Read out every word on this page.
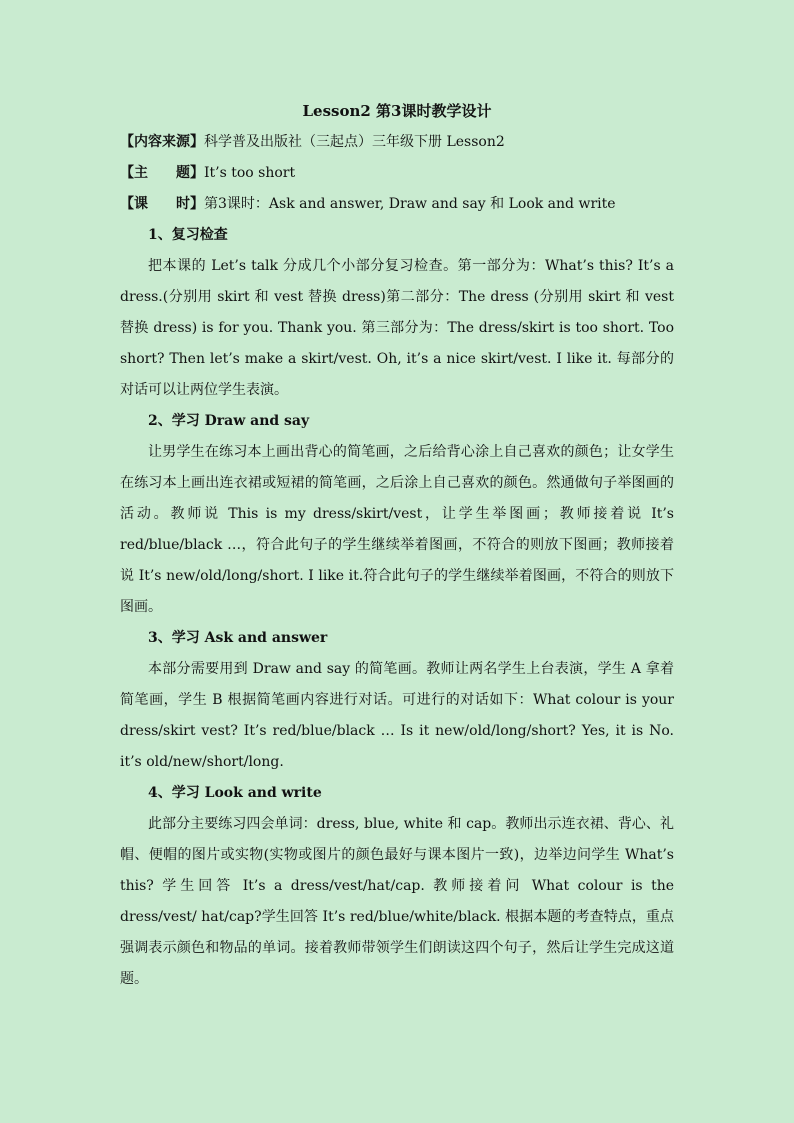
Lesson2 第3课时教学设计

【内容来源】科学普及出版社（三起点）三年级下册 Lesson2

【主　　题】It’s too short

【课　　时】第3课时：Ask and answer, Draw and say 和 Look and write

1、复习检查

把本课的 Let’s talk 分成几个小部分复习检查。第一部分为：What’s this? It’s a dress.(分别用 skirt 和 vest 替换 dress)第二部分：The dress (分别用 skirt 和 vest 替换 dress) is for you. Thank you. 第三部分为：The dress/skirt is too short. Too short? Then let’s make a skirt/vest. Oh, it’s a nice skirt/vest. I like it. 每部分的对话可以让两位学生表演。

2、学习 Draw and say

让男学生在练习本上画出背心的简笔画，之后给背心涂上自己喜欢的颜色；让女学生在练习本上画出连衣裙或短裙的简笔画，之后涂上自己喜欢的颜色。然通做句子举图画的活动。教师说 This is my dress/skirt/vest，让学生举图画；教师接着说 It’s red/blue/black …，符合此句子的学生继续举着图画，不符合的则放下图画；教师接着说 It’s new/old/long/short. I like it.符合此句子的学生继续举着图画，不符合的则放下图画。

3、学习 Ask and answer

本部分需要用到 Draw and say 的简笔画。教师让两名学生上台表演，学生 A 拿着简笔画，学生 B 根据简笔画内容进行对话。可进行的对话如下：What colour is your dress/skirt vest? It’s red/blue/black … Is it new/old/long/short? Yes, it is No. it’s old/new/short/long.

4、学习 Look and write

此部分主要练习四会单词：dress, blue, white 和 cap。教师出示连衣裙、背心、礼帽、便帽的图片或实物(实物或图片的颜色最好与课本图片一致)，边举边问学生 What’s this? 学生回答 It’s a dress/vest/hat/cap. 教师接着问 What colour is the dress/vest/ hat/cap?学生回答 It’s red/blue/white/black. 根据本题的考查特点，重点强调表示颜色和物品的单词。接着教师带领学生们朗读这四个句子，然后让学生完成这道题。
